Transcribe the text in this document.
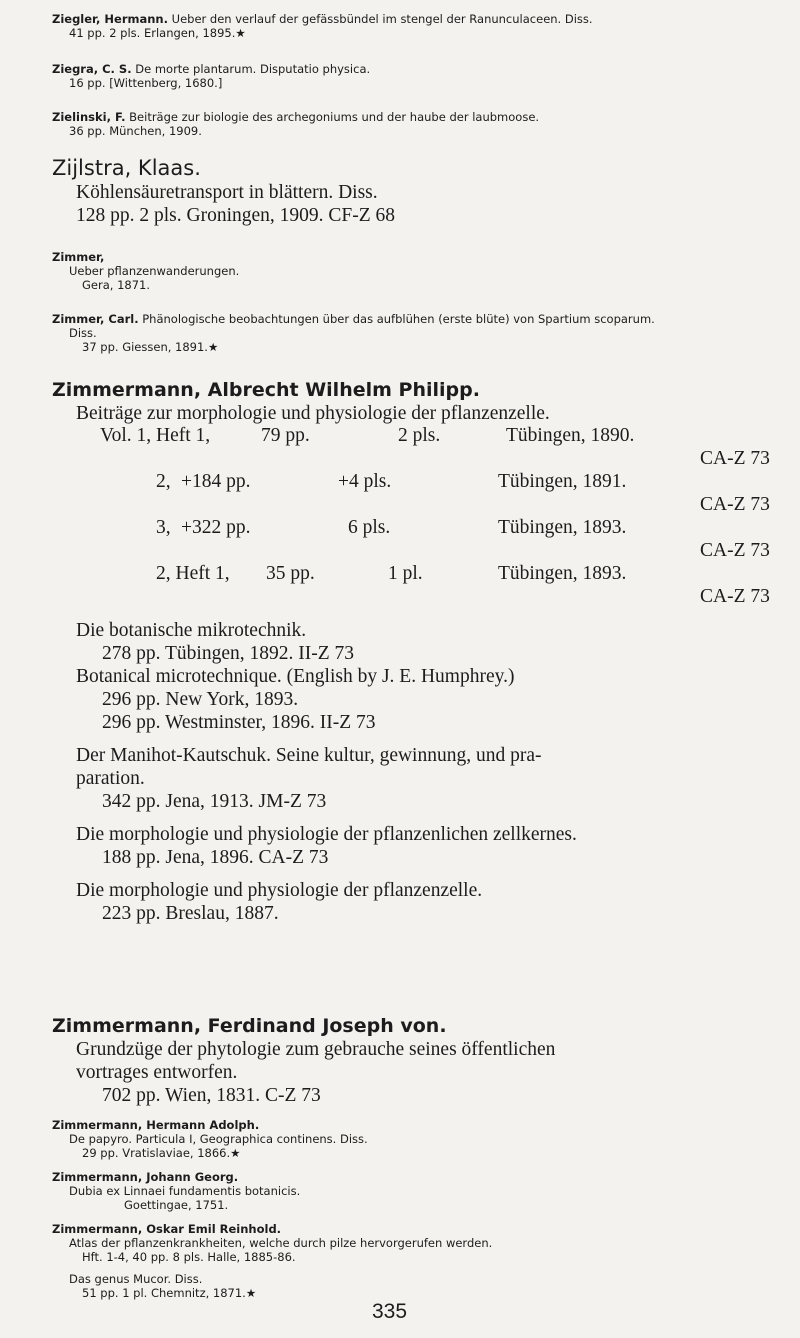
Ziegler, Hermann. Ueber den verlauf der gefässbündel im stengel der Ranunculaceen. Diss.
41 pp. 2 pls. Erlangen, 1895.★
Ziegra, C. S. De morte plantarum. Disputatio physica.
16 pp. [Wittenberg, 1680.]
Zielinski, F. Beiträge zur biologie des archegoniums und der haube der laubmoose.
36 pp. München, 1909.
Zijlstra, Klaas.
Köhlensäuretransport in blättern. Diss.
128 pp. 2 pls. Groningen, 1909. CF-Z 68
Zimmer,
Ueber pflanzenwanderungen.
Gera, 1871.
Zimmer, Carl. Phänologische beobachtungen über das aufblühen (erste blüte) von Spartium scoparum.
Diss.
37 pp. Giessen, 1891.★
Zimmermann, Albrecht Wilhelm Philipp.
Beiträge zur morphologie und physiologie der pflanzenzelle.
Vol. 1, Heft 1,	79 pp.	2 pls.	Tübingen, 1890.
CA-Z 73
2, +184 pp.	+4 pls.	Tübingen, 1891.
CA-Z 73
3, +322 pp.	6 pls.	Tübingen, 1893.
CA-Z 73
2, Heft 1, 35 pp.	1 pl.	Tübingen, 1893.
CA-Z 73
Die botanische mikrotechnik.
278 pp. Tübingen, 1892. II-Z 73
Botanical microtechnique. (English by J. E. Humphrey.)
296 pp. New York, 1893.
296 pp. Westminster, 1896. II-Z 73
Der Manihot-Kautschuk. Seine kultur, gewinnung, und pra-
paration.
342 pp. Jena, 1913. JM-Z 73
Die morphologie und physiologie der pflanzenlichen zellkernes.
188 pp. Jena, 1896. CA-Z 73
Die morphologie und physiologie der pflanzenzelle.
223 pp. Breslau, 1887.
Zimmermann, Ferdinand Joseph von.
Grundzüge der phytologie zum gebrauche seines öffentlichen
vortrages entworfen.
702 pp. Wien, 1831. C-Z 73
Zimmermann, Hermann Adolph.
De papyro. Particula I, Geographica continens. Diss.
29 pp. Vratislaviae, 1866.★
Zimmermann, Johann Georg.
Dubia ex Linnaei fundamentis botanicis.
Goettingae, 1751.
Zimmermann, Oskar Emil Reinhold.
Atlas der pflanzenkrankheiten, welche durch pilze hervorgerufen werden.
Hft. 1-4, 40 pp. 8 pls. Halle, 1885-86.
Das genus Mucor. Diss.
51 pp. 1 pl. Chemnitz, 1871.★
335
